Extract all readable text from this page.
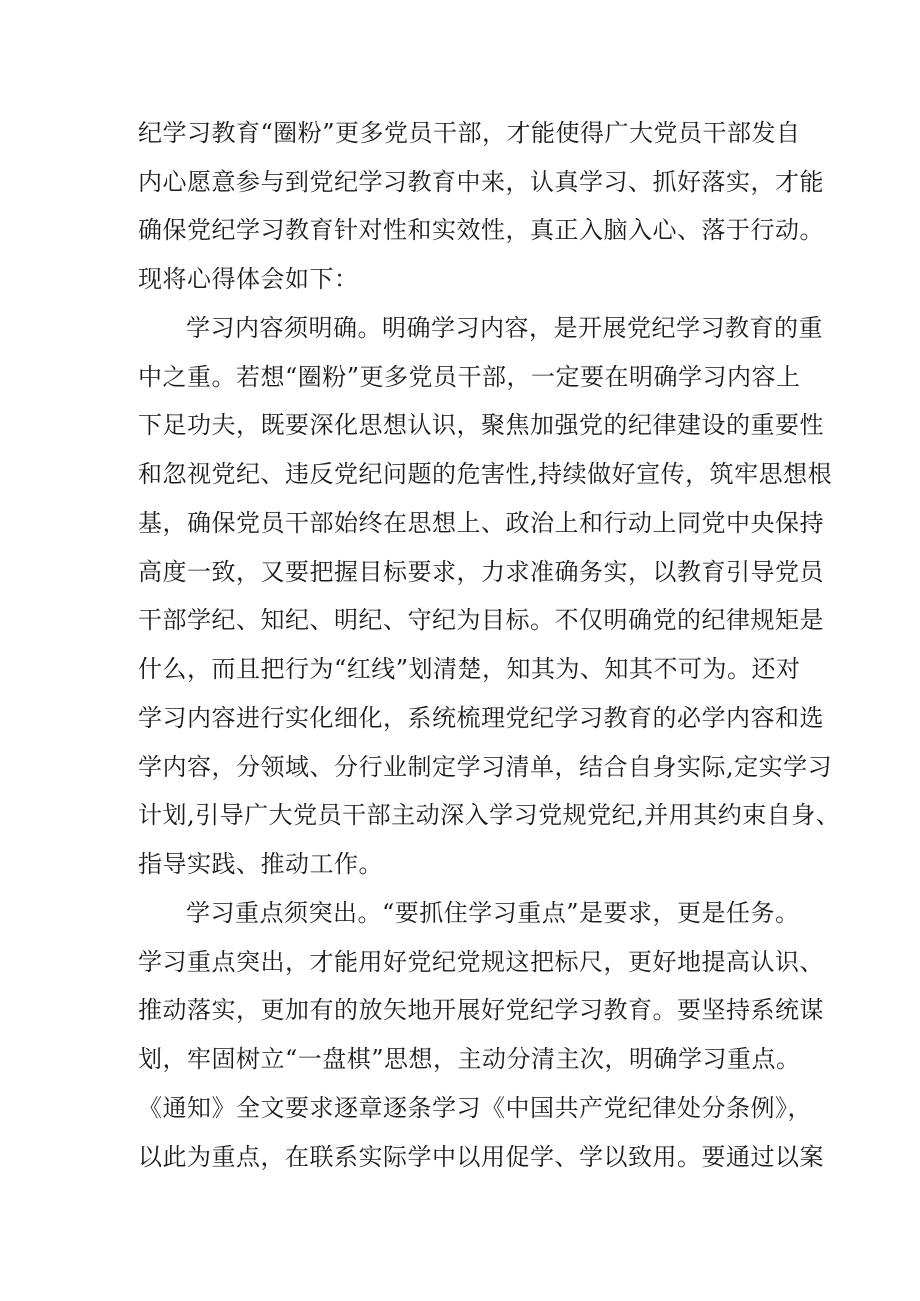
纪学习教育“圈粉”更多党员干部，才能使得广大党员干部发自
内心愿意参与到党纪学习教育中来，认真学习、抓好落实，才能
确保党纪学习教育针对性和实效性，真正入脑入心、落于行动。
现将心得体会如下：
学习内容须明确。明确学习内容，是开展党纪学习教育的重
中之重。若想“圈粉”更多党员干部，一定要在明确学习内容上
下足功夫，既要深化思想认识，聚焦加强党的纪律建设的重要性
和忽视党纪、违反党纪问题的危害性,持续做好宣传，筑牢思想根
基，确保党员干部始终在思想上、政治上和行动上同党中央保持
高度一致，又要把握目标要求，力求准确务实，以教育引导党员
干部学纪、知纪、明纪、守纪为目标。不仅明确党的纪律规矩是
什么，而且把行为“红线”划清楚，知其为、知其不可为。还对
学习内容进行实化细化，系统梳理党纪学习教育的必学内容和选
学内容，分领域、分行业制定学习清单，结合自身实际,定实学习
计划,引导广大党员干部主动深入学习党规党纪,并用其约束自身、
指导实践、推动工作。
学习重点须突出。“要抓住学习重点”是要求，更是任务。
学习重点突出，才能用好党纪党规这把标尺，更好地提高认识、
推动落实，更加有的放矢地开展好党纪学习教育。要坚持系统谋
划，牢固树立“一盘棋”思想，主动分清主次，明确学习重点。
《通知》全文要求逐章逐条学习《中国共产党纪律处分条例》，
以此为重点，在联系实际学中以用促学、学以致用。要通过以案
